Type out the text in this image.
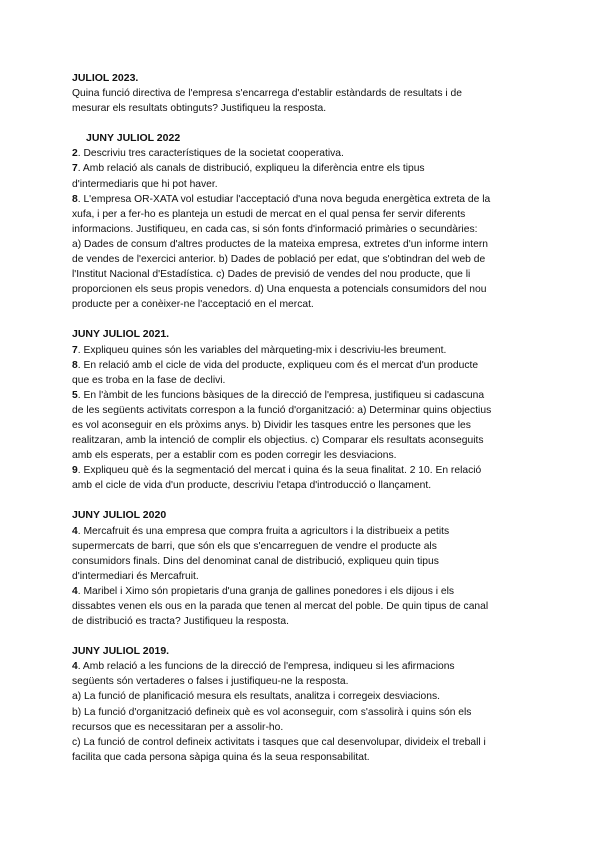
JULIOL 2023.
Quina funció directiva de l'empresa s'encarrega d'establir estàndards de resultats i de
mesurar els resultats obtinguts? Justifiqueu la resposta.
JUNY JULIOL 2022
2. Descriviu tres característiques de la societat cooperativa.
7. Amb relació als canals de distribució, expliqueu la diferència entre els tipus
d'intermediaris que hi pot haver.
8. L'empresa OR-XATA vol estudiar l'acceptació d'una nova beguda energètica extreta de la
xufa, i per a fer-ho es planteja un estudi de mercat en el qual pensa fer servir diferents
informacions. Justifiqueu, en cada cas, si són fonts d'informació primàries o secundàries:
a) Dades de consum d'altres productes de la mateixa empresa, extretes d'un informe intern
de vendes de l'exercici anterior. b) Dades de població per edat, que s'obtindran del web de
l'Institut Nacional d'Estadística. c) Dades de previsió de vendes del nou producte, que li
proporcionen els seus propis venedors. d) Una enquesta a potencials consumidors del nou
producte per a conèixer-ne l'acceptació en el mercat.
JUNY JULIOL 2021.
7. Expliqueu quines són les variables del màrqueting-mix i descriviu-les breument.
8. En relació amb el cicle de vida del producte, expliqueu com és el mercat d'un producte
que es troba en la fase de declivi.
5. En l'àmbit de les funcions bàsiques de la direcció de l'empresa, justifiqueu si cadascuna
de les següents activitats correspon a la funció d'organització: a) Determinar quins objectius
es vol aconseguir en els pròxims anys. b) Dividir les tasques entre les persones que les
realitzaran, amb la intenció de complir els objectius. c) Comparar els resultats aconseguits
amb els esperats, per a establir com es poden corregir les desviacions.
9. Expliqueu què és la segmentació del mercat i quina és la seua finalitat. 2 10. En relació
amb el cicle de vida d'un producte, descriviu l'etapa d'introducció o llançament.
JUNY JULIOL 2020
4. Mercafruit és una empresa que compra fruita a agricultors i la distribueix a petits
supermercats de barri, que són els que s'encarreguen de vendre el producte als
consumidors finals. Dins del denominat canal de distribució, expliqueu quin tipus
d'intermediari és Mercafruit.
4. Maribel i Ximo són propietaris d'una granja de gallines ponedores i els dijous i els
dissabtes venen els ous en la parada que tenen al mercat del poble. De quin tipus de canal
de distribució es tracta? Justifiqueu la resposta.
JUNY JULIOL 2019.
4. Amb relació a les funcions de la direcció de l'empresa, indiqueu si les afirmacions
següents són vertaderes o falses i justifiqueu-ne la resposta.
a) La funció de planificació mesura els resultats, analitza i corregeix desviacions.
b) La funció d'organització defineix què es vol aconseguir, com s'assolirà i quins són els
recursos que es necessitaran per a assolir-ho.
c) La funció de control defineix activitats i tasques que cal desenvolupar, divideix el treball i
facilita que cada persona sàpiga quina és la seua responsabilitat.
